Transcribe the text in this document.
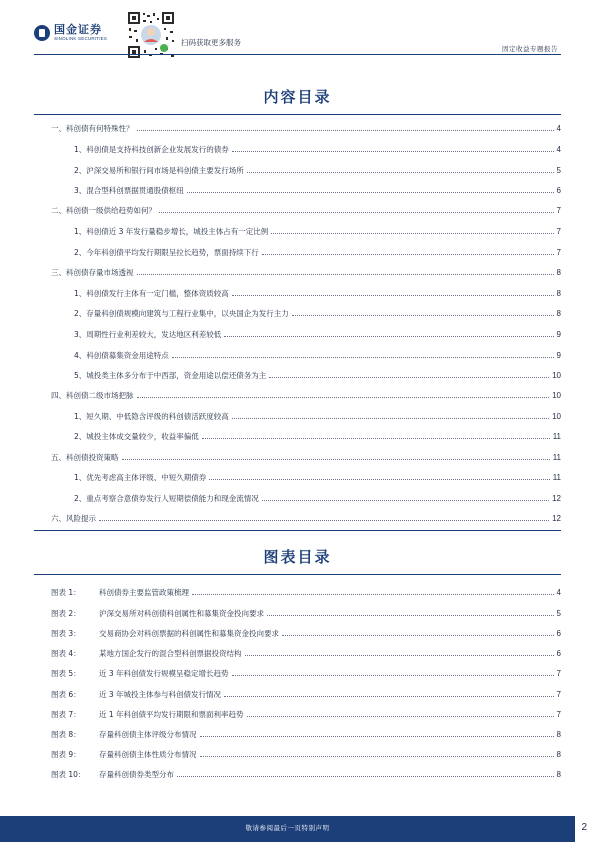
国金证券
SINOLINK SECURITIES	扫码获取更多服务
固定收益专题报告
内容目录
一、科创债有何特殊性？	4
1、科创债是支持科技创新企业发展发行的债券	4
2、沪深交易所和银行间市场是科创债主要发行场所	5
3、混合型科创票据贯通股债枢纽	6
二、科创债一级供给趋势如何？	7
1、科创债近 3 年发行量稳步增长，城投主体占有一定比例	7
2、今年科创债平均发行期限呈拉长趋势，票面持续下行	7
三、科创债存量市场透视	8
1、科创债发行主体有一定门槛，整体资质较高	8
2、存量科创债规模向建筑与工程行业集中，以央国企为发行主力	8
3、周期性行业利差较大，发达地区利差较低	9
4、科创债募集资金用途特点	9
5、城投类主体多分布于中西部，资金用途以偿还债务为主	10
四、科创债二级市场把脉	10
1、短久期、中低隐含评级的科创债活跃度较高	10
2、城投主体成交量较少，收益率偏低	11
五、科创债投资策略	11
1、优先考虑高主体评级、中短久期债券	11
2、重点考察合意债券发行人短期偿债能力和现金流情况	12
六、风险提示	12
图表目录
图表 1：	科创债券主要监管政策梳理	4
图表 2：	沪深交易所对科创债科创属性和募集资金投向要求	5
图表 3：	交易商协会对科创票据的科创属性和募集资金投向要求	6
图表 4：	某地方国企发行的混合型科创票据投资结构	6
图表 5：	近 3 年科创债发行规模呈稳定增长趋势	7
图表 6：	近 3 年城投主体参与科创债发行情况	7
图表 7：	近 1 年科创债平均发行期限和票面利率趋势	7
图表 8：	存量科创债主体评级分布情况	8
图表 9：	存量科创债主体性质分布情况	8
图表 10：	存量科创债券类型分布	8
敬请参阅最后一页特别声明	2
